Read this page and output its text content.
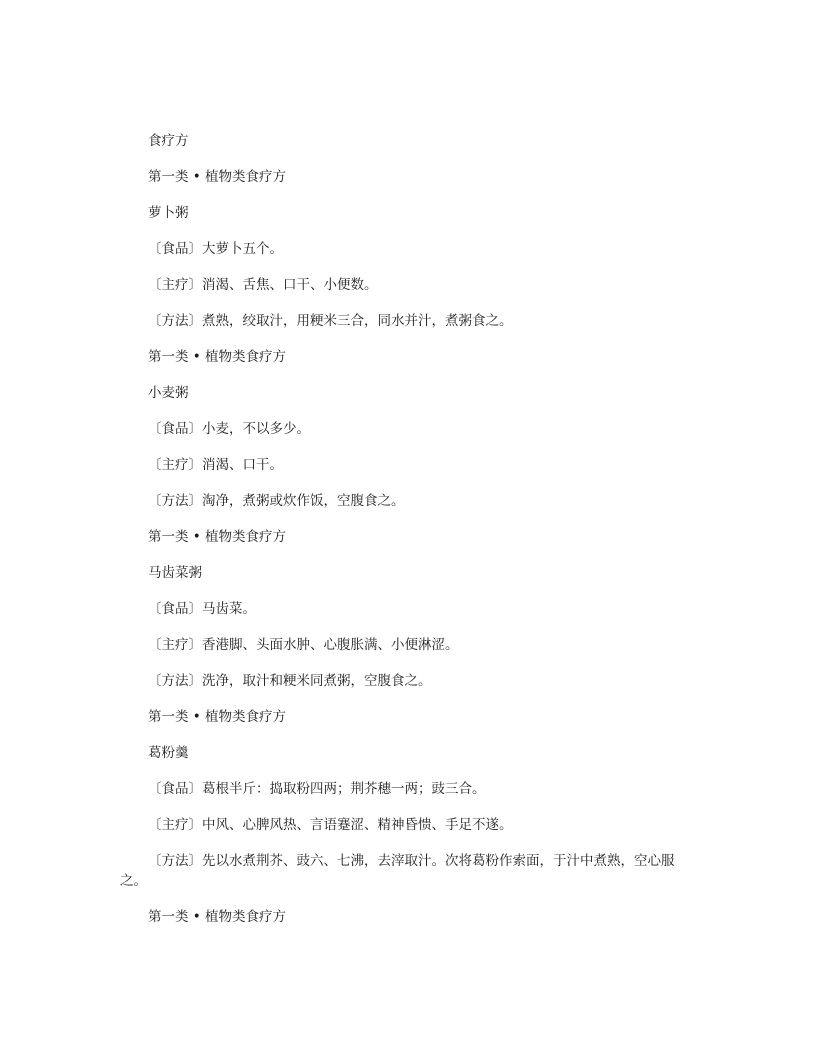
食疗方

第一类 • 植物类食疗方

萝卜粥

〔食品〕大萝卜五个。

〔主疗〕消渴、舌焦、口干、小便数。

〔方法〕煮熟，绞取汁，用粳米三合，同水并汁，煮粥食之。

第一类 • 植物类食疗方

小麦粥

〔食品〕小麦，不以多少。

〔主疗〕消渴、口干。

〔方法〕淘净，煮粥或炊作饭，空腹食之。

第一类 • 植物类食疗方

马齿菜粥

〔食品〕马齿菜。

〔主疗〕香港脚、头面水肿、心腹胀满、小便淋涩。

〔方法〕洗净，取汁和粳米同煮粥，空腹食之。

第一类 • 植物类食疗方

葛粉羹

〔食品〕葛根半斤：捣取粉四两；荆芥穗一两；豉三合。

〔主疗〕中风、心脾风热、言语蹇涩、精神昏愦、手足不遂。

〔方法〕先以水煮荆芥、豉六、七沸，去滓取汁。次将葛粉作索面，于汁中煮熟，空心服之。

第一类 • 植物类食疗方
